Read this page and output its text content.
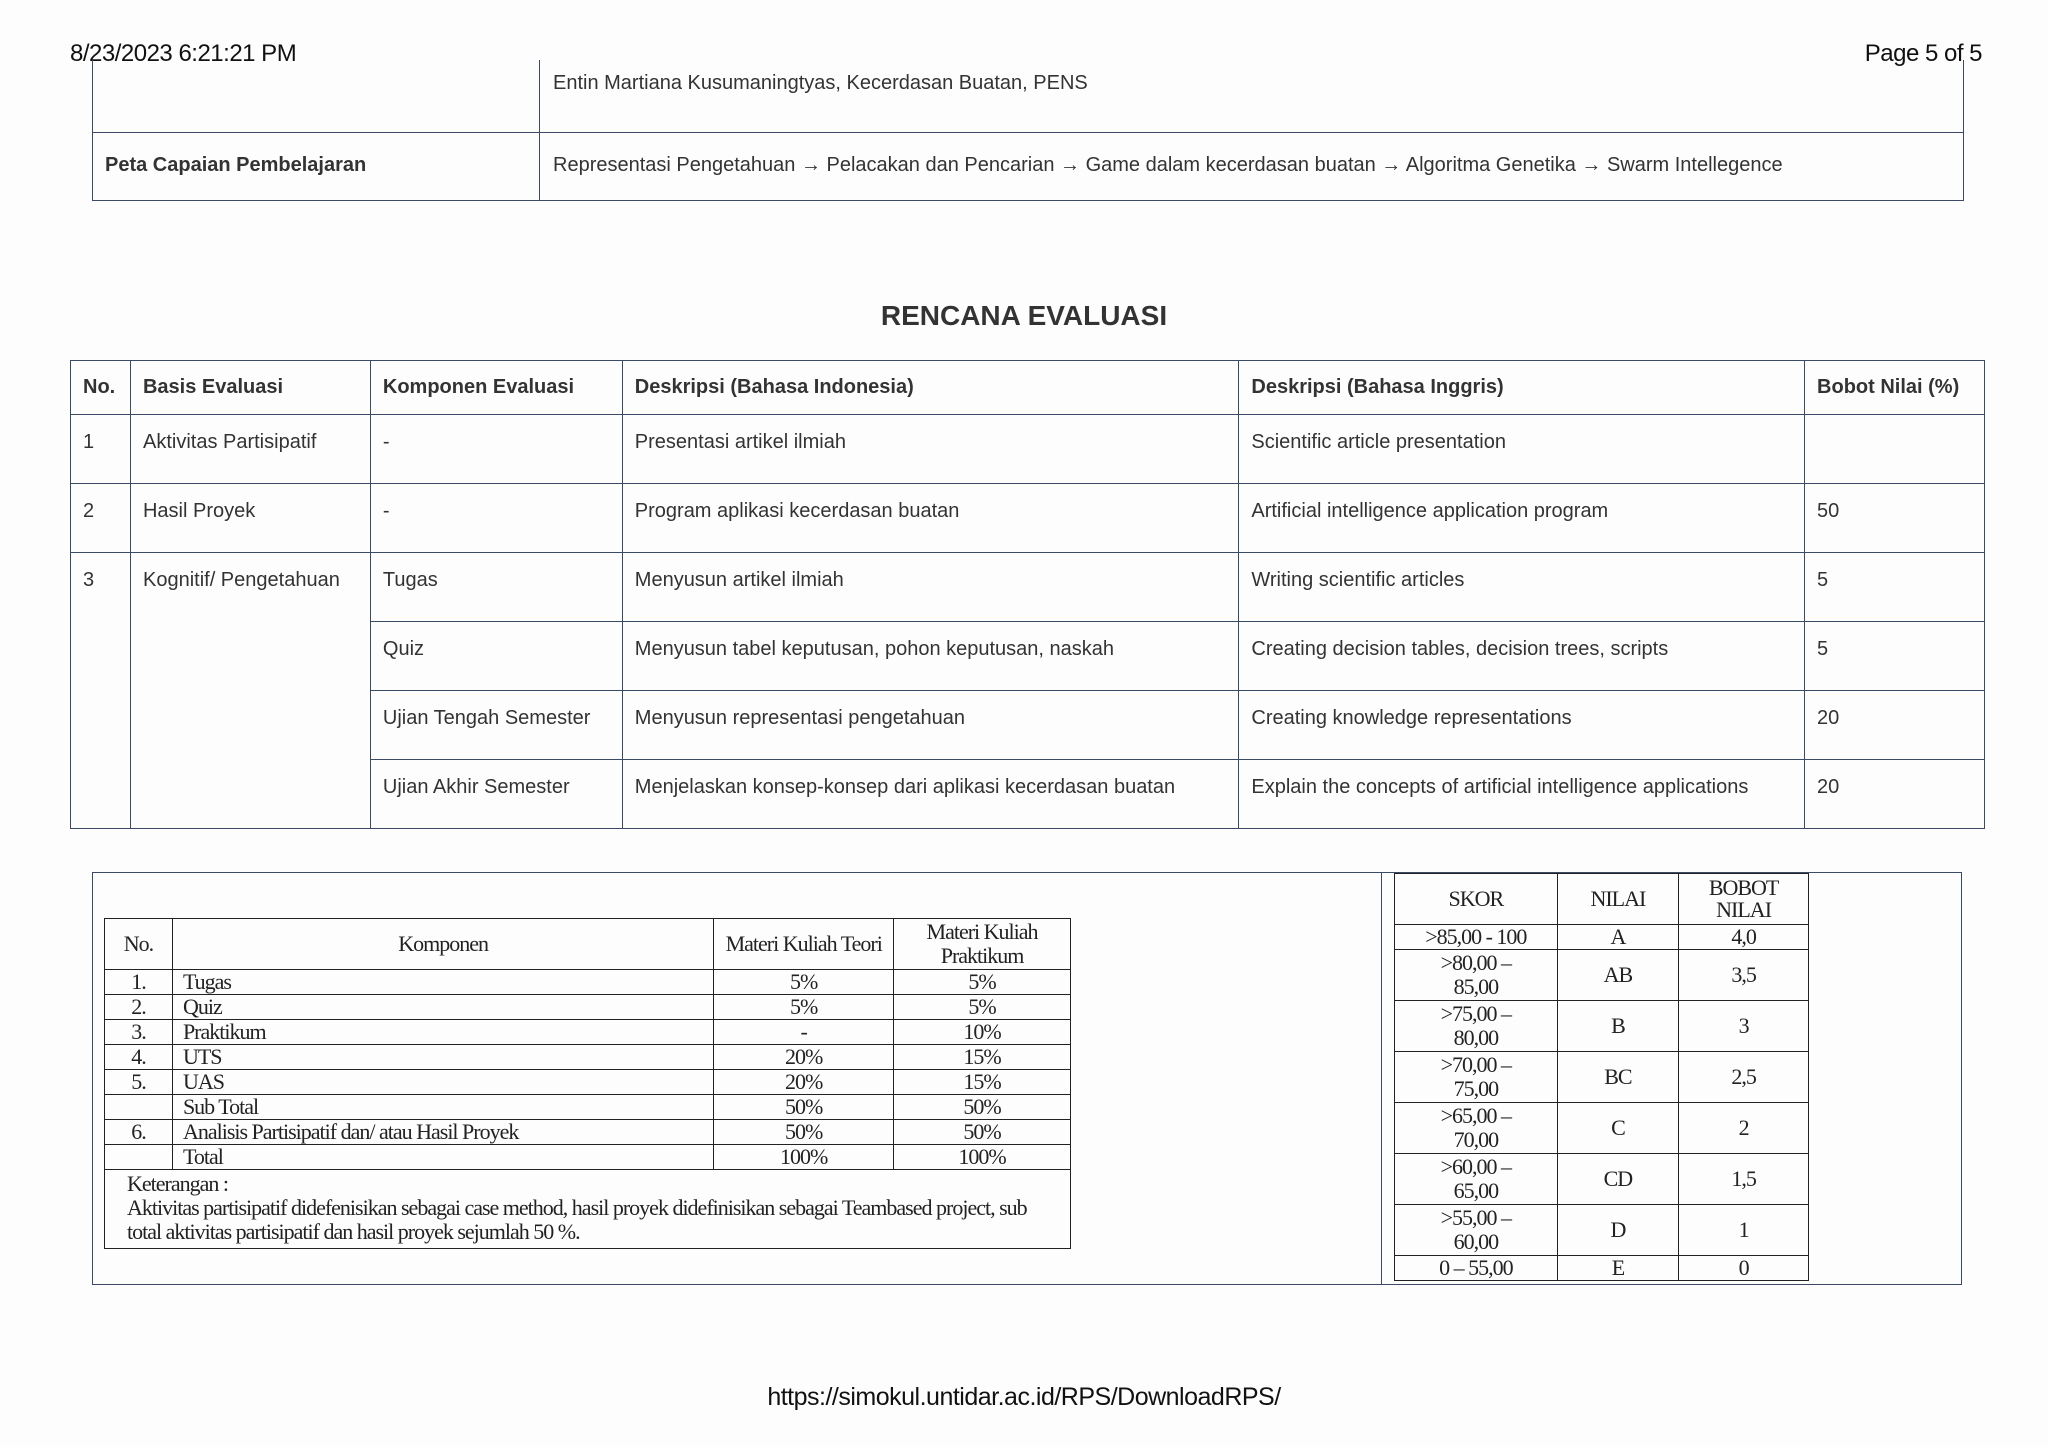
8/23/2023 6:21:21 PM	Page 5 of 5
Entin Martiana Kusumaningtyas, Kecerdasan Buatan, PENS
Peta Capaian Pembelajaran	Representasi Pengetahuan → Pelacakan dan Pencarian → Game dalam kecerdasan buatan → Algoritma Genetika → Swarm Intellegence
RENCANA EVALUASI
No.	Basis Evaluasi	Komponen Evaluasi	Deskripsi (Bahasa Indonesia)	Deskripsi (Bahasa Inggris)	Bobot Nilai (%)
1	Aktivitas Partisipatif	-	Presentasi artikel ilmiah	Scientific article presentation	
2	Hasil Proyek	-	Program aplikasi kecerdasan buatan	Artificial intelligence application program	50
3	Kognitif/ Pengetahuan	Tugas	Menyusun artikel ilmiah	Writing scientific articles	5
		Quiz	Menyusun tabel keputusan, pohon keputusan, naskah	Creating decision tables, decision trees, scripts	5
		Ujian Tengah Semester	Menyusun representasi pengetahuan	Creating knowledge representations	20
		Ujian Akhir Semester	Menjelaskan konsep-konsep dari aplikasi kecerdasan buatan	Explain the concepts of artificial intelligence applications	20
No.	Komponen	Materi Kuliah Teori	Materi Kuliah Praktikum
1.	Tugas	5%	5%
2.	Quiz	5%	5%
3.	Praktikum	-	10%
4.	UTS	20%	15%
5.	UAS	20%	15%
	Sub Total	50%	50%
6.	Analisis Partisipatif dan/ atau Hasil Proyek	50%	50%
	Total	100%	100%

Keterangan :
Aktivitas partisipatif didefenisikan sebagai case method, hasil proyek didefinisikan sebagai Teambased project, sub total aktivitas partisipatif dan hasil proyek sejumlah 50 %.			
SKOR	NILAI	BOBOT NILAI
>85,00 - 100	A	4,0
>80,00 – 85,00	AB	3,5
>75,00 – 80,00	B	3
>70,00 – 75,00	BC	2,5
>65,00 – 70,00	C	2
>60,00 – 65,00	CD	1,5
>55,00 – 60,00	D	1
0 – 55,00	E	0
https://simokul.untidar.ac.id/RPS/DownloadRPS/
